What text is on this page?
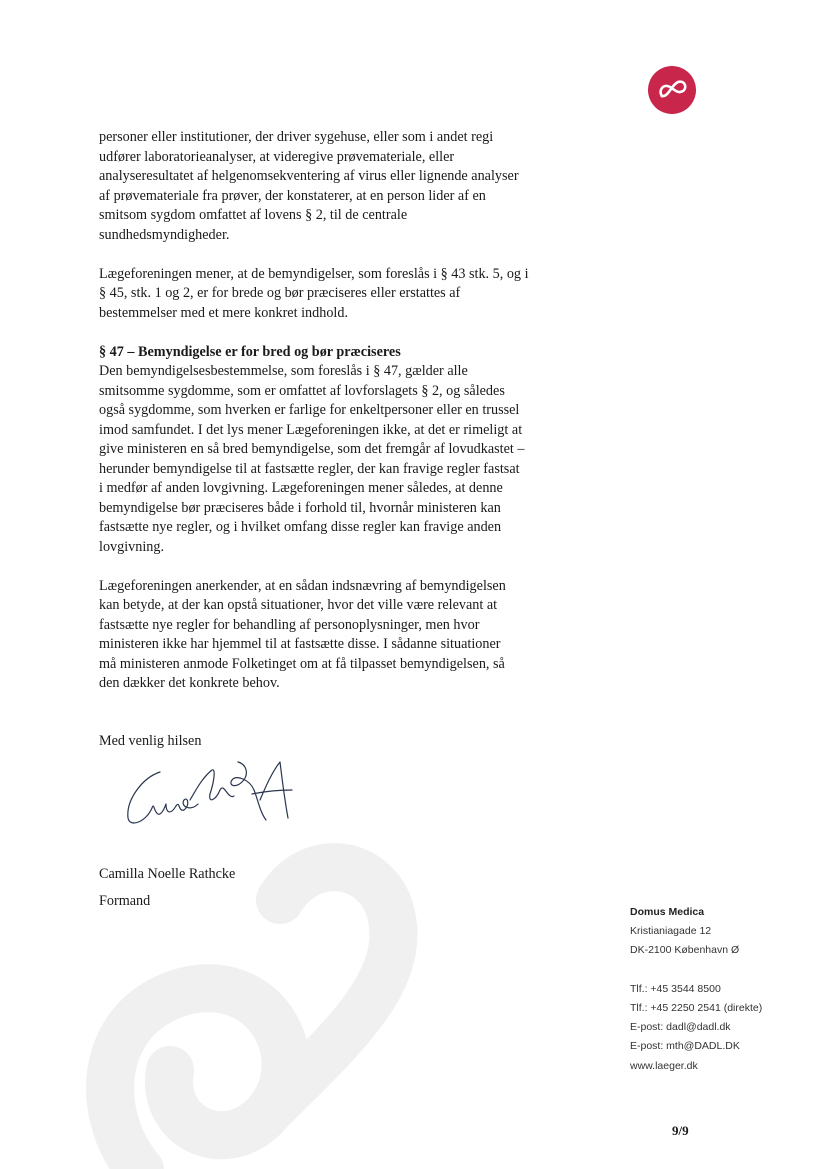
personer eller institutioner, der driver sygehuse, eller som i andet regi
udfører laboratorieanalyser, at videregive prøvemateriale, eller
analyseresultatet af helgenomsekventering af virus eller lignende analyser
af prøvemateriale fra prøver, der konstaterer, at en person lider af en
smitsom sygdom omfattet af lovens § 2, til de centrale
sundhedsmyndigheder.

Lægeforeningen mener, at de bemyndigelser, som foreslås i § 43 stk. 5, og i
§ 45, stk. 1 og 2, er for brede og bør præciseres eller erstattes af
bestemmelser med et mere konkret indhold.

§ 47 – Bemyndigelse er for bred og bør præciseres
Den bemyndigelsesbestemmelse, som foreslås i § 47, gælder alle
smitsomme sygdomme, som er omfattet af lovforslagets § 2, og således
også sygdomme, som hverken er farlige for enkeltpersoner eller en trussel
imod samfundet. I det lys mener Lægeforeningen ikke, at det er rimeligt at
give ministeren en så bred bemyndigelse, som det fremgår af lovudkastet –
herunder bemyndigelse til at fastsætte regler, der kan fravige regler fastsat
i medfør af anden lovgivning. Lægeforeningen mener således, at denne
bemyndigelse bør præciseres både i forhold til, hvornår ministeren kan
fastsætte nye regler, og i hvilket omfang disse regler kan fravige anden
lovgivning.

Lægeforeningen anerkender, at en sådan indsnævring af bemyndigelsen
kan betyde, at der kan opstå situationer, hvor det ville være relevant at
fastsætte nye regler for behandling af personoplysninger, men hvor
ministeren ikke har hjemmel til at fastsætte disse. I sådanne situationer
må ministeren anmode Folketinget om at få tilpasset bemyndigelsen, så
den dækker det konkrete behov.

Med venlig hilsen
Camilla Noelle Rathcke
Formand
Domus Medica
Kristianiagade 12
DK-2100 København Ø
Tlf.: +45 3544 8500
Tlf.: +45 2250 2541 (direkte)
E-post: dadl@dadl.dk
E-post: mth@DADL.DK
www.laeger.dk
9/9
